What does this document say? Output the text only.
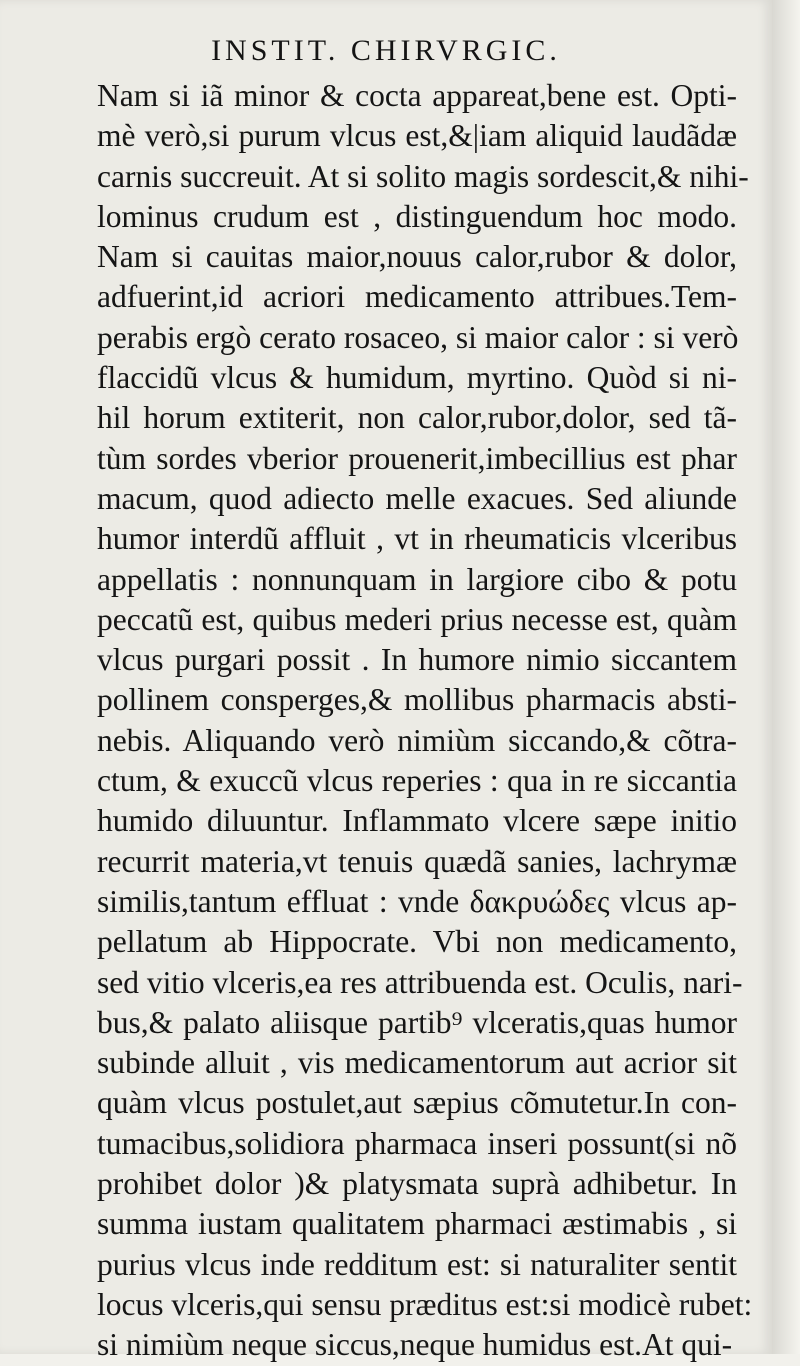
INSTIT. CHIRVRGIC.
Nam si iã minor & cocta appareat,bene est. Opti-
mè verò,si purum vlcus est,&|iam aliquid laudãdæ
carnis succreuit. At si solito magis sordescit,& nihi-
lominus crudum est , distinguendum hoc modo.
Nam si cauitas maior,nouus calor,rubor & dolor,
adfuerint,id acriori medicamento attribues.Tem-
perabis ergò cerato rosaceo, si maior calor : si verò
flaccidũ vlcus & humidum, myrtino. Quòd si ni-
hil horum extiterit, non calor,rubor,dolor, sed tã-
tùm sordes vberior prouenerit,imbecillius est phar
macum, quod adiecto melle exacues. Sed aliunde
humor interdũ affluit , vt in rheumaticis vlceribus
appellatis : nonnunquam in largiore cibo & potu
peccatũ est, quibus mederi prius necesse est, quàm
vlcus purgari possit . In humore nimio siccantem
pollinem consperges,& mollibus pharmacis absti-
nebis. Aliquando verò nimiùm siccando,& cõtra-
ctum, & exuccũ vlcus reperies : qua in re siccantia
humido diluuntur. Inflammato vlcere sæpe initio
recurrit materia,vt tenuis quædã sanies, lachrymæ
similis,tantum effluat : vnde δακρυώδες vlcus ap-
pellatum ab Hippocrate. Vbi non medicamento,
sed vitio vlceris,ea res attribuenda est. Oculis, nari-
bus,& palato aliisque partib⁹ vlceratis,quas humor
subinde alluit , vis medicamentorum aut acrior sit
quàm vlcus postulet,aut sæpius cõmutetur.In con-
tumacibus,solidiora pharmaca inseri possunt(si nõ
prohibet dolor )& platysmata suprà adhibetur. In
summa iustam qualitatem pharmaci æstimabis , si
purius vlcus inde redditum est: si naturaliter sentit
locus vlceris,qui sensu præditus est:si modicè rubet:
si nimiùm neque siccus,neque humidus est.At qui-
